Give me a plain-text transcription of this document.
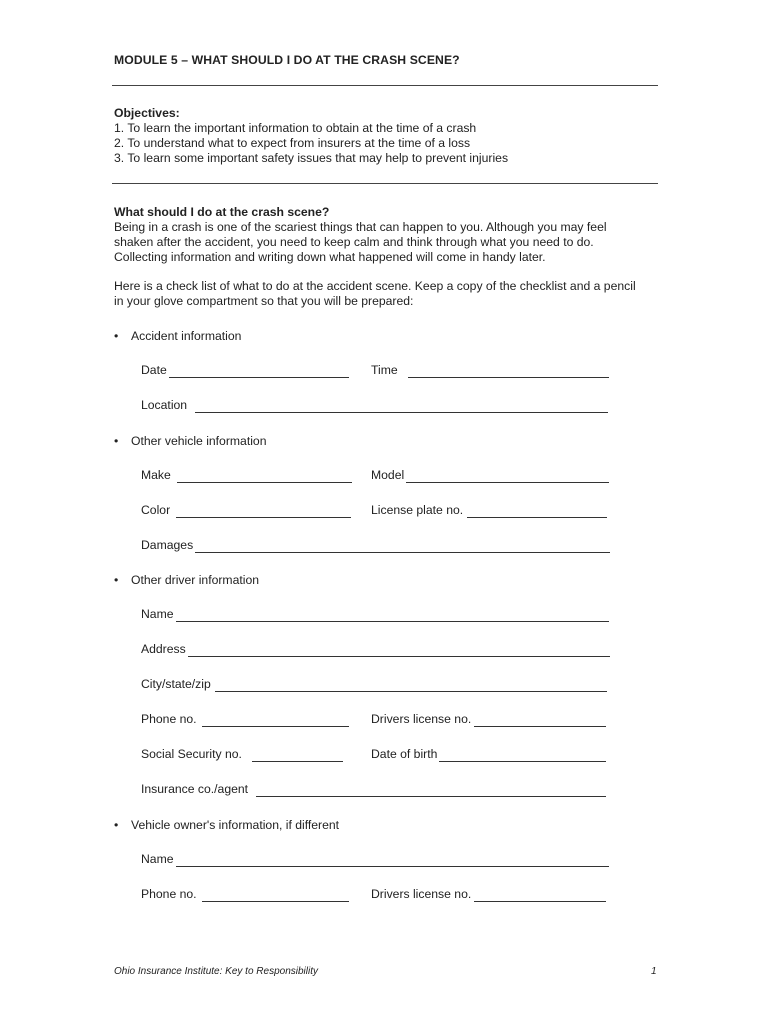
MODULE 5 – WHAT SHOULD I DO AT THE CRASH SCENE?
Objectives:
1. To learn the important information to obtain at the time of a crash
2. To understand what to expect from insurers at the time of a loss
3. To learn some important safety issues that may help to prevent injuries
What should I do at the crash scene?
Being in a crash is one of the scariest things that can happen to you. Although you may feel
shaken after the accident, you need to keep calm and think through what you need to do.
Collecting information and writing down what happened will come in handy later.
Here is a check list of what to do at the accident scene. Keep a copy of the checklist and a pencil
in your glove compartment so that you will be prepared:
• Accident information
Date	Time
Location
• Other vehicle information
Make	Model
Color	License plate no.
Damages
• Other driver information
Name
Address
City/state/zip
Phone no.	Drivers license no.
Social Security no.	Date of birth
Insurance co./agent
• Vehicle owner's information, if different
Name
Phone no.	Drivers license no.
Ohio Insurance Institute: Key to Responsibility	1
